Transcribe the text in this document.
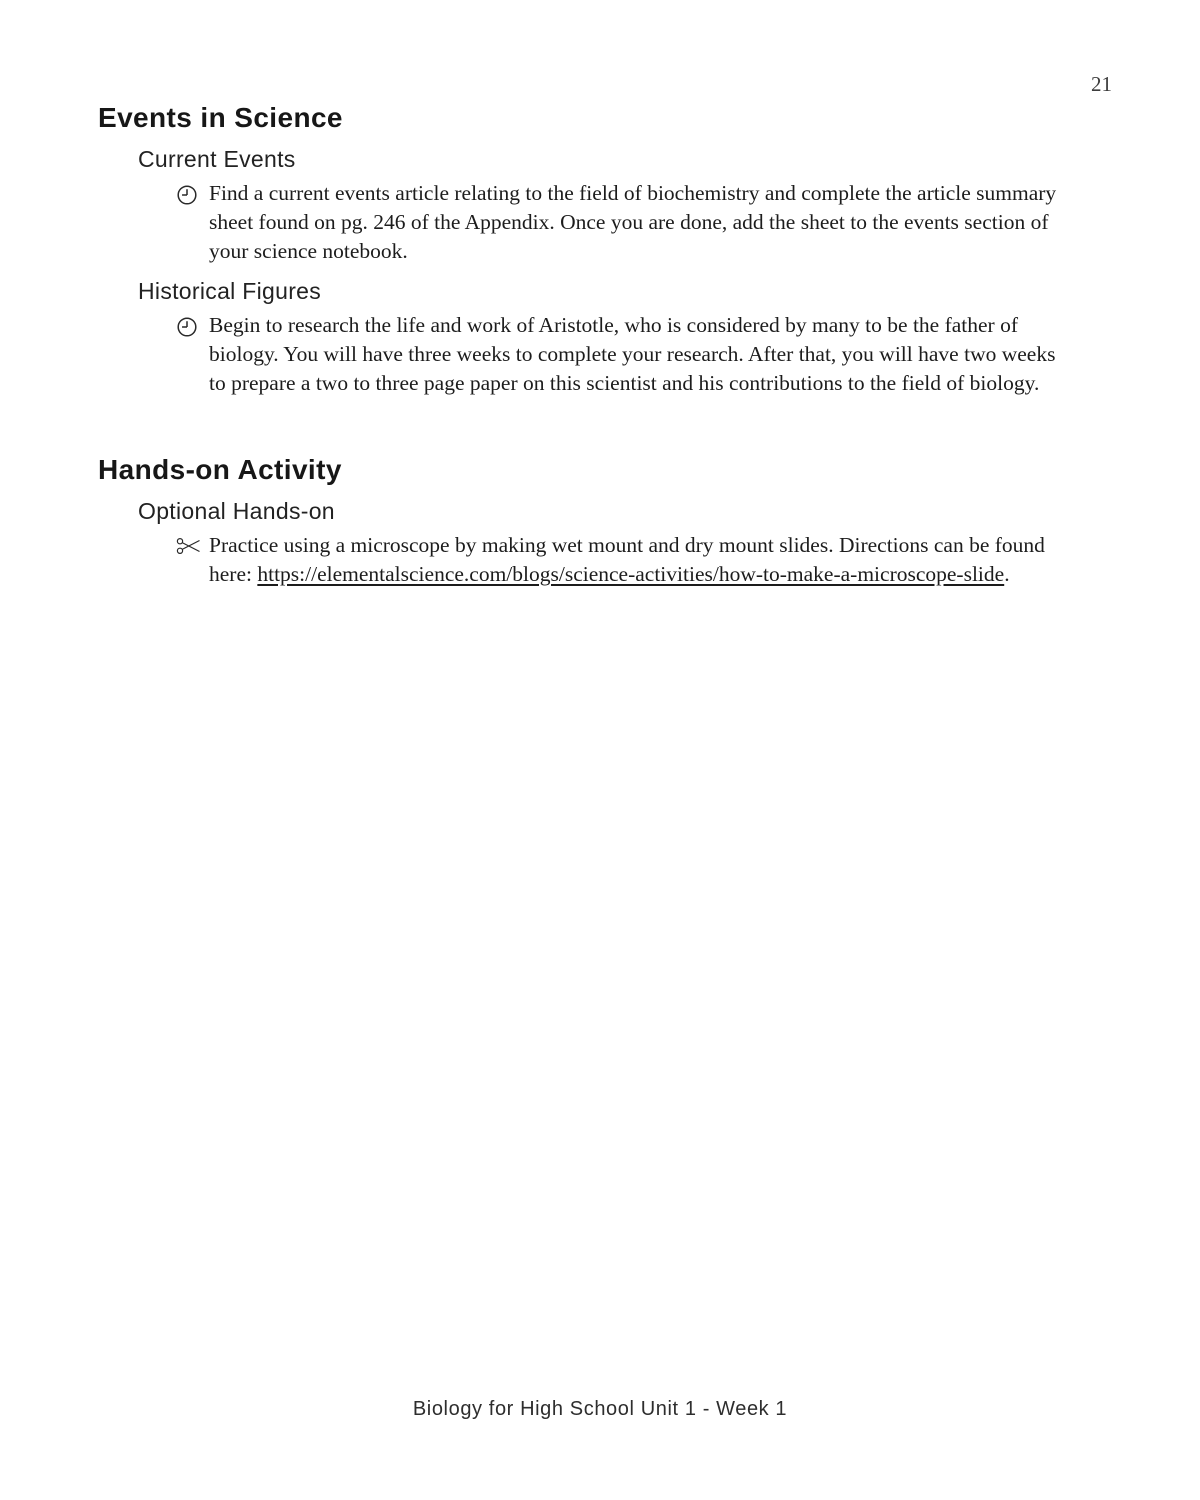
21
Events in Science
Current Events

Find a current events article relating to the field of biochemistry and complete the article summary sheet found on pg. 246 of the Appendix. Once you are done, add the sheet to the events section of your science notebook.

Historical Figures

Begin to research the life and work of Aristotle, who is considered by many to be the father of biology. You will have three weeks to complete your research. After that, you will have two weeks to prepare a two to three page paper on this scientist and his contributions to the field of biology.

Hands-on Activity
Optional Hands-on

Practice using a microscope by making wet mount and dry mount slides. Directions can be found here: https://elementalscience.com/blogs/science-activities/how-to-make-a-microscope-slide.

Biology for High School Unit 1 - Week 1
